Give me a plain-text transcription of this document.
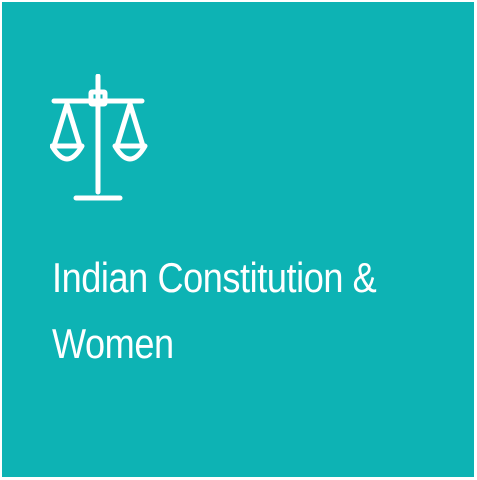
Indian Constitution & Women
